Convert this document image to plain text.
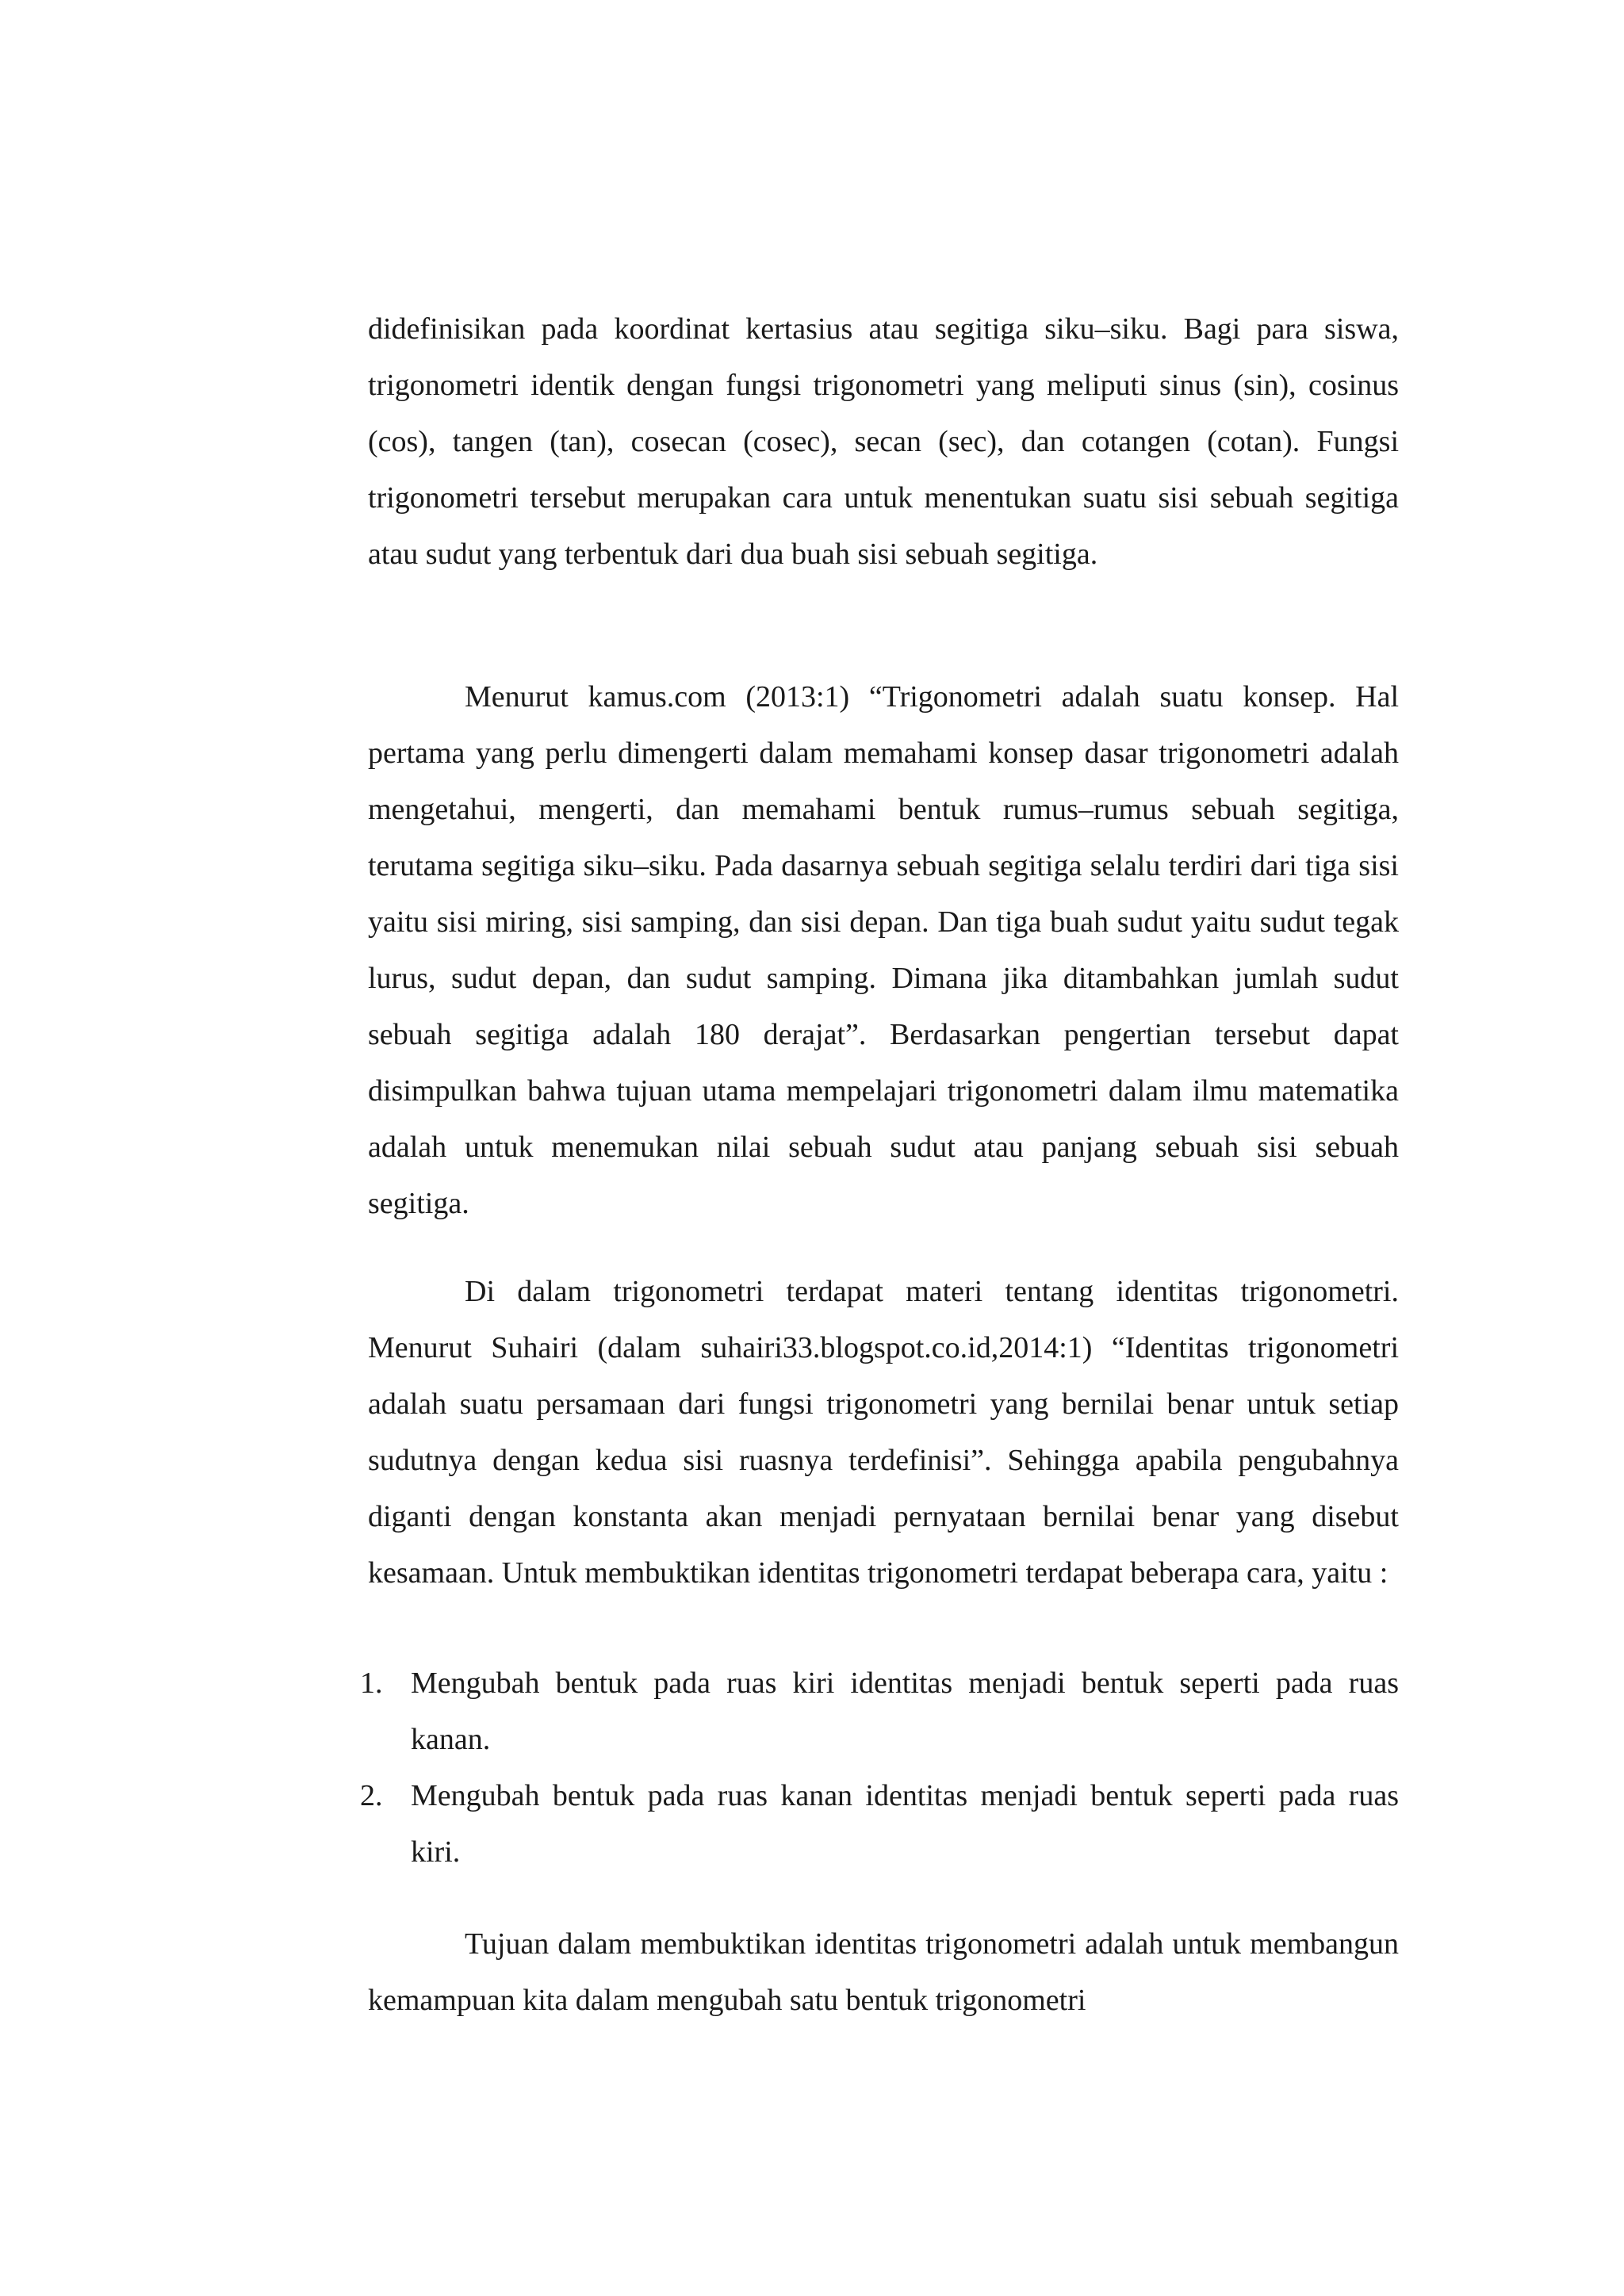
didefinisikan pada koordinat kertasius atau segitiga siku–siku. Bagi para siswa, trigonometri identik dengan fungsi trigonometri yang meliputi sinus (sin), cosinus (cos), tangen (tan), cosecan (cosec), secan (sec), dan cotangen (cotan). Fungsi trigonometri tersebut merupakan cara untuk menentukan suatu sisi sebuah segitiga atau sudut yang terbentuk dari dua buah sisi sebuah segitiga.

Menurut kamus.com (2013:1) “Trigonometri adalah suatu konsep. Hal pertama yang perlu dimengerti dalam memahami konsep dasar trigonometri adalah mengetahui, mengerti, dan memahami bentuk rumus–rumus sebuah segitiga, terutama segitiga siku–siku. Pada dasarnya sebuah segitiga selalu terdiri dari tiga sisi yaitu sisi miring, sisi samping, dan sisi depan. Dan tiga buah sudut yaitu sudut tegak lurus, sudut depan, dan sudut samping. Dimana jika ditambahkan jumlah sudut sebuah segitiga adalah 180 derajat”. Berdasarkan pengertian tersebut dapat disimpulkan bahwa tujuan utama mempelajari trigonometri dalam ilmu matematika adalah untuk menemukan nilai sebuah sudut atau panjang sebuah sisi sebuah segitiga.

Di dalam trigonometri terdapat materi tentang identitas trigonometri. Menurut Suhairi (dalam suhairi33.blogspot.co.id,2014:1) “Identitas trigonometri adalah suatu persamaan dari fungsi trigonometri yang bernilai benar untuk setiap sudutnya dengan kedua sisi ruasnya terdefinisi”. Sehingga apabila pengubahnya diganti dengan konstanta akan menjadi pernyataan bernilai benar yang disebut kesamaan. Untuk membuktikan identitas trigonometri terdapat beberapa cara, yaitu :

1. Mengubah bentuk pada ruas kiri identitas menjadi bentuk seperti pada ruas kanan.
2. Mengubah bentuk pada ruas kanan identitas menjadi bentuk seperti pada ruas kiri.

Tujuan dalam membuktikan identitas trigonometri adalah untuk membangun kemampuan kita dalam mengubah satu bentuk trigonometri
